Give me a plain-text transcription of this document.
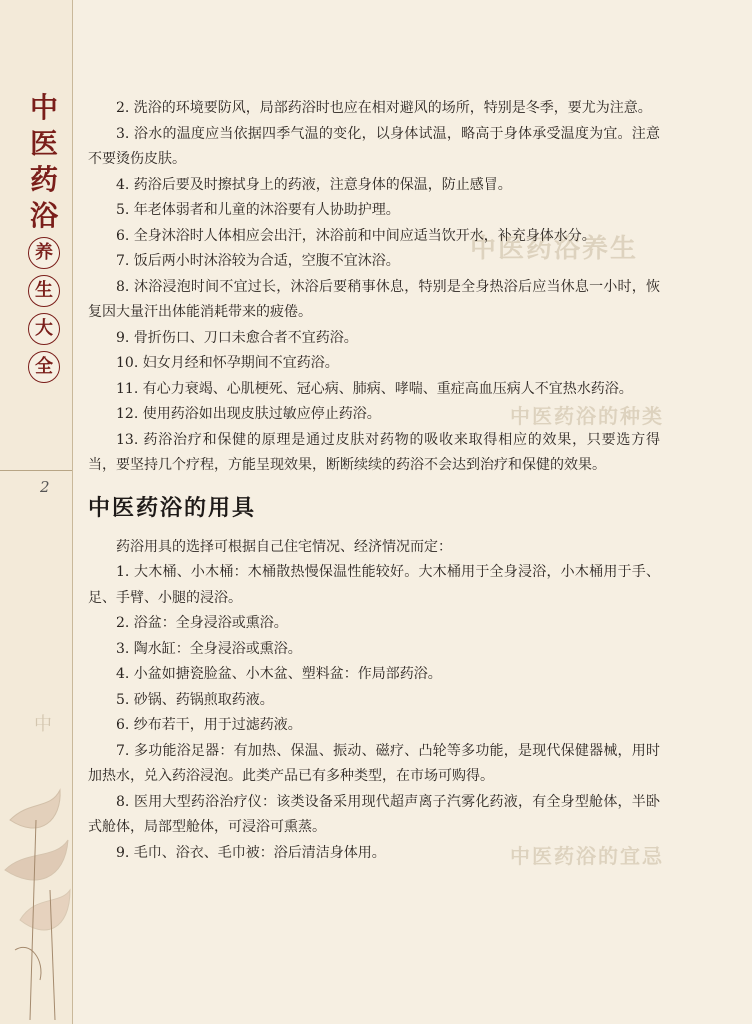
中
医
药
浴
养
生
大
全
2
中
中医药浴养生
中医药浴的种类
中医药浴的宜忌

2. 洗浴的环境要防风，局部药浴时也应在相对避风的场所，特别是冬季，要尤为注意。

3. 浴水的温度应当依据四季气温的变化，以身体试温，略高于身体承受温度为宜。注意不要烫伤皮肤。

4. 药浴后要及时擦拭身上的药液，注意身体的保温，防止感冒。

5. 年老体弱者和儿童的沐浴要有人协助护理。

6. 全身沐浴时人体相应会出汗，沐浴前和中间应适当饮开水，补充身体水分。

7. 饭后两小时沐浴较为合适，空腹不宜沐浴。

8. 沐浴浸泡时间不宜过长，沐浴后要稍事休息，特别是全身热浴后应当休息一小时，恢复因大量汗出体能消耗带来的疲倦。

9. 骨折伤口、刀口未愈合者不宜药浴。

10. 妇女月经和怀孕期间不宜药浴。

11. 有心力衰竭、心肌梗死、冠心病、肺病、哮喘、重症高血压病人不宜热水药浴。

12. 使用药浴如出现皮肤过敏应停止药浴。

13. 药浴治疗和保健的原理是通过皮肤对药物的吸收来取得相应的效果，只要选方得当，要坚持几个疗程，方能呈现效果，断断续续的药浴不会达到治疗和保健的效果。

中医药浴的用具

药浴用具的选择可根据自己住宅情况、经济情况而定：

1. 大木桶、小木桶：木桶散热慢保温性能较好。大木桶用于全身浸浴，小木桶用于手、足、手臂、小腿的浸浴。

2. 浴盆：全身浸浴或熏浴。

3. 陶水缸：全身浸浴或熏浴。

4. 小盆如搪瓷脸盆、小木盆、塑料盆：作局部药浴。

5. 砂锅、药锅煎取药液。

6. 纱布若干，用于过滤药液。

7. 多功能浴足器：有加热、保温、振动、磁疗、凸轮等多功能，是现代保健器械，用时加热水，兑入药浴浸泡。此类产品已有多种类型，在市场可购得。

8. 医用大型药浴治疗仪：该类设备采用现代超声离子汽雾化药液，有全身型舱体，半卧式舱体，局部型舱体，可浸浴可熏蒸。

9. 毛巾、浴衣、毛巾被：浴后清洁身体用。
